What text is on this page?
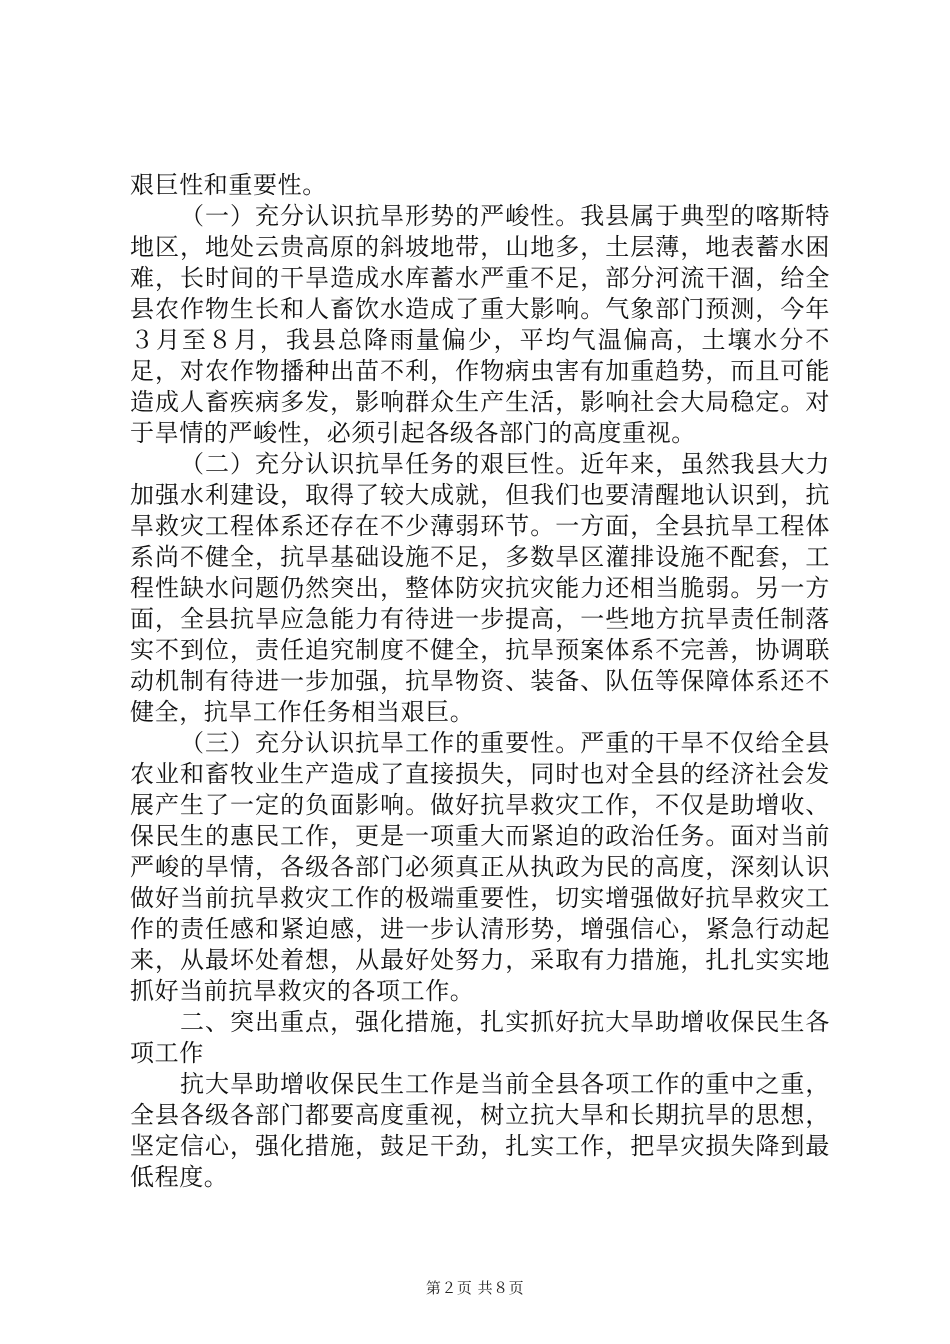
艰巨性和重要性。

（一）充分认识抗旱形势的严峻性。我县属于典型的喀斯特地区，地处云贵高原的斜坡地带，山地多，土层薄，地表蓄水困难，长时间的干旱造成水库蓄水严重不足，部分河流干涸，给全县农作物生长和人畜饮水造成了重大影响。气象部门预测，今年３月至８月，我县总降雨量偏少，平均气温偏高，土壤水分不足，对农作物播种出苗不利，作物病虫害有加重趋势，而且可能造成人畜疾病多发，影响群众生产生活，影响社会大局稳定。对于旱情的严峻性，必须引起各级各部门的高度重视。

（二）充分认识抗旱任务的艰巨性。近年来，虽然我县大力加强水利建设，取得了较大成就，但我们也要清醒地认识到，抗旱救灾工程体系还存在不少薄弱环节。一方面，全县抗旱工程体系尚不健全，抗旱基础设施不足，多数旱区灌排设施不配套，工程性缺水问题仍然突出，整体防灾抗灾能力还相当脆弱。另一方面，全县抗旱应急能力有待进一步提高，一些地方抗旱责任制落实不到位，责任追究制度不健全，抗旱预案体系不完善，协调联动机制有待进一步加强，抗旱物资、装备、队伍等保障体系还不健全，抗旱工作任务相当艰巨。

（三）充分认识抗旱工作的重要性。严重的干旱不仅给全县农业和畜牧业生产造成了直接损失，同时也对全县的经济社会发展产生了一定的负面影响。做好抗旱救灾工作，不仅是助增收、保民生的惠民工作，更是一项重大而紧迫的政治任务。面对当前严峻的旱情，各级各部门必须真正从执政为民的高度，深刻认识做好当前抗旱救灾工作的极端重要性，切实增强做好抗旱救灾工作的责任感和紧迫感，进一步认清形势，增强信心，紧急行动起来，从最坏处着想，从最好处努力，采取有力措施，扎扎实实地抓好当前抗旱救灾的各项工作。

二、突出重点，强化措施，扎实抓好抗大旱助增收保民生各项工作

抗大旱助增收保民生工作是当前全县各项工作的重中之重，全县各级各部门都要高度重视，树立抗大旱和长期抗旱的思想，坚定信心，强化措施，鼓足干劲，扎实工作，把旱灾损失降到最低程度。

第２页 共８页
